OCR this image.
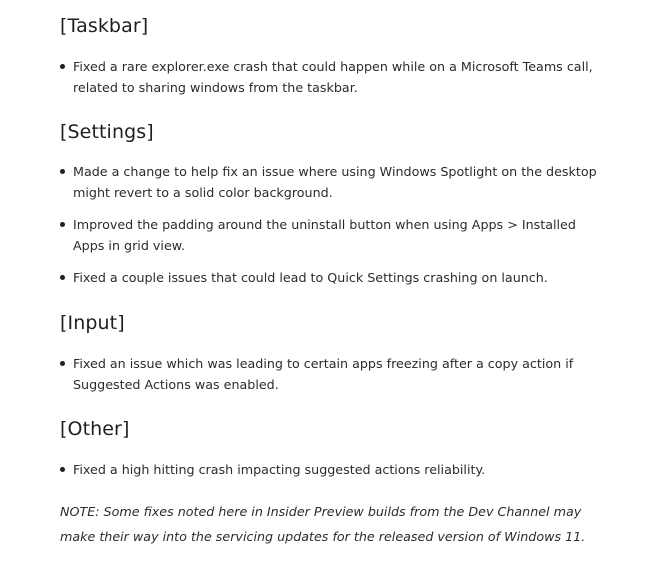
[Taskbar]
Fixed a rare explorer.exe crash that could happen while on a Microsoft Teams call, related to sharing windows from the taskbar.
[Settings]
Made a change to help fix an issue where using Windows Spotlight on the desktop might revert to a solid color background.
Improved the padding around the uninstall button when using Apps > Installed Apps in grid view.
Fixed a couple issues that could lead to Quick Settings crashing on launch.
[Input]
Fixed an issue which was leading to certain apps freezing after a copy action if Suggested Actions was enabled.
[Other]
Fixed a high hitting crash impacting suggested actions reliability.

NOTE: Some fixes noted here in Insider Preview builds from the Dev Channel may make their way into the servicing updates for the released version of Windows 11.
